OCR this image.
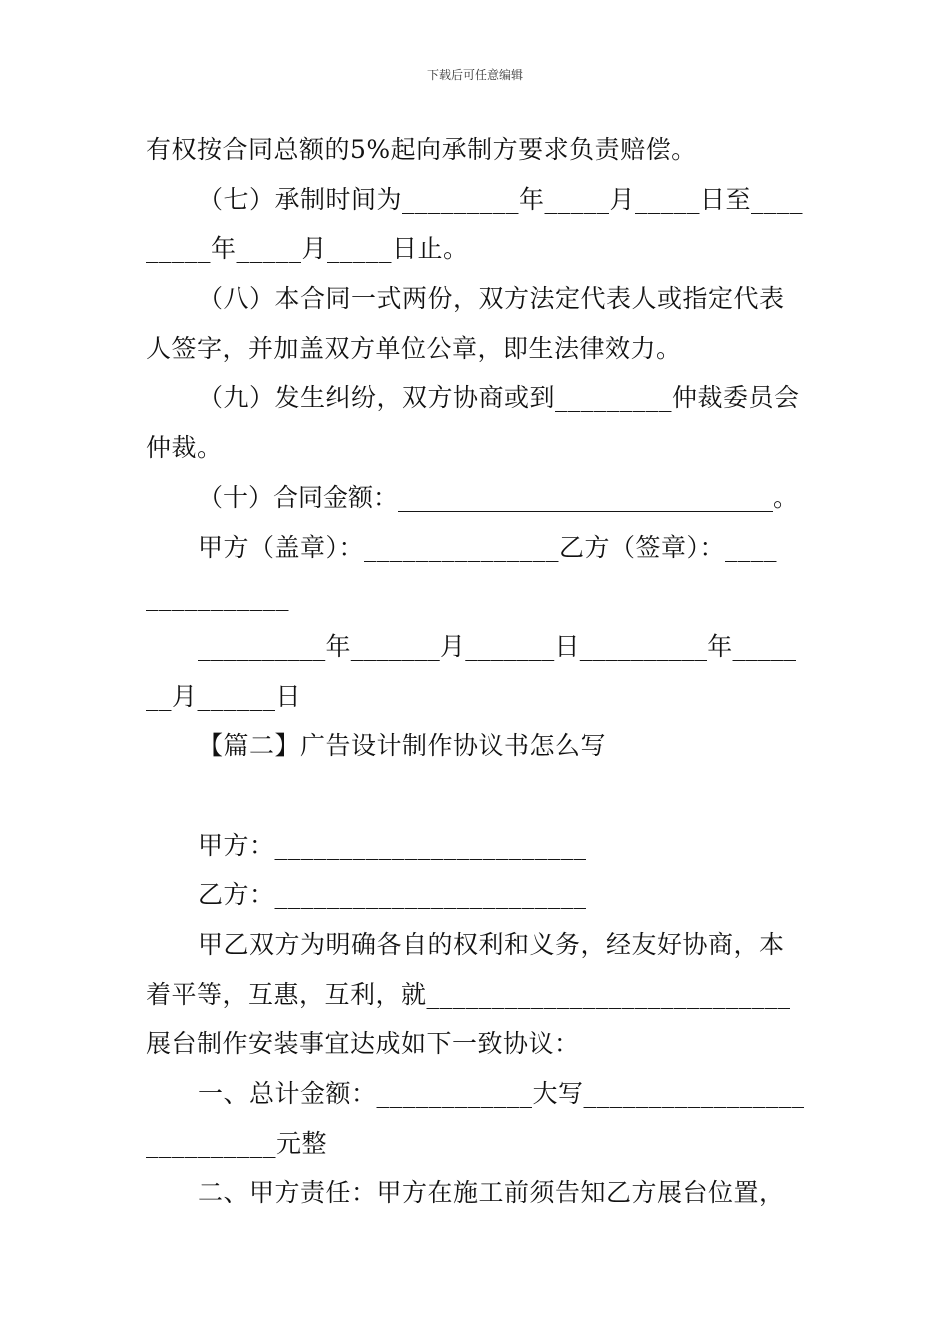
下载后可任意编辑
有权按合同总额的5%起向承制方要求负责赔偿。
（七）承制时间为_________年_____月_____日至____
_____年_____月_____日止。
（八）本合同一式两份，双方法定代表人或指定代表
人签字，并加盖双方单位公章，即生法律效力。
（九）发生纠纷，双方协商或到_________仲裁委员会
仲裁。
（十）合同金额：______________________________。
甲方（盖章）：_______________乙方（签章）：____
___________
__________年_______月_______日__________年_____
__月______日
【篇二】广告设计制作协议书怎么写
甲方：________________________
乙方：________________________
甲乙双方为明确各自的权利和义务，经友好协商，本
着平等，互惠，互利，就____________________________
展台制作安装事宜达成如下一致协议：
一、总计金额：____________大写_________________
__________元整
二、甲方责任：甲方在施工前须告知乙方展台位置，
